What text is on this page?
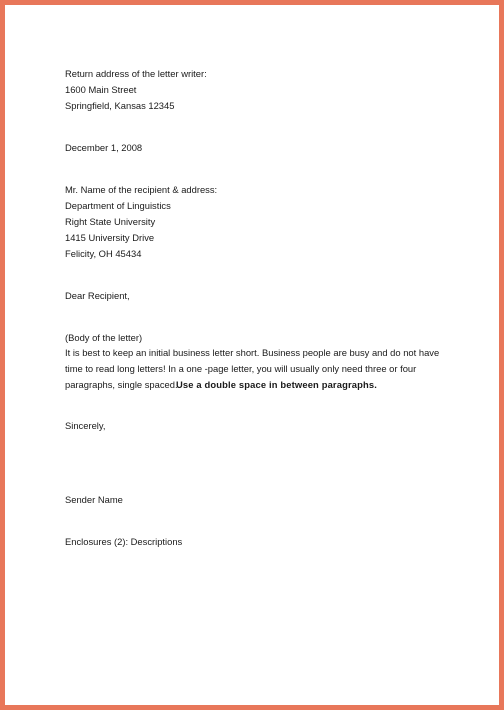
Return address of the letter writer:
1600 Main Street
Springfield, Kansas 12345
December 1, 2008
Mr. Name of the recipient & address:
Department of Linguistics
Right State University
1415 University Drive
Felicity, OH 45434
Dear Recipient,
(Body of the letter)
It is best to keep an initial business letter short. Business people are busy and do not have
time to read long letters! In a one -page letter, you will usually only need three or four
paragraphs, single spaced.
Use a double space in between paragraphs.
Sincerely,
Sender Name
Enclosures (2): Descriptions
